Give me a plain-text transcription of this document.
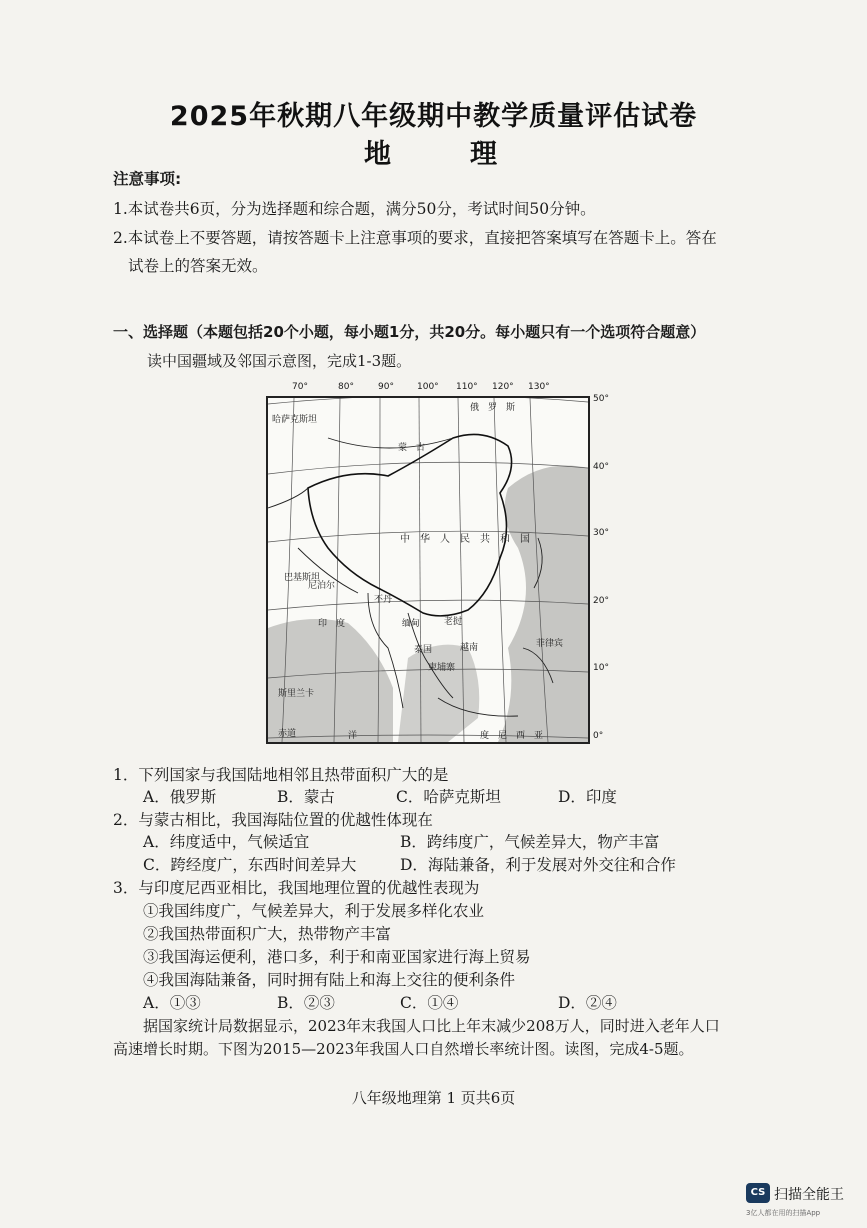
2025年秋期八年级期中教学质量评估试卷
地　理
注意事项:
1.本试卷共6页，分为选择题和综合题，满分50分，考试时间50分钟。
2.本试卷上不要答题，请按答题卡上注意事项的要求，直接把答案填写在答题卡上。答在
试卷上的答案无效。
一、选择题（本题包括20个小题，每小题1分，共20分。每小题只有一个选项符合题意）
读中国疆域及邻国示意图，完成1-3题。
70°	80°	90°	100° 110° 120° 130°
50°
40°
30°
20°
10°
0°
俄　罗　斯
哈萨克斯坦
蒙　古
中　华　人　民　共　和　国
尼泊尔
印　度
不丹
缅甸	老挝
泰国	越南
柬埔寨
菲律宾
斯里兰卡
赤道	度　尼　西　亚
洋
巴基斯坦
1．下列国家与我国陆地相邻且热带面积广大的是
A．俄罗斯	B．蒙古	C．哈萨克斯坦	D．印度
2．与蒙古相比，我国海陆位置的优越性体现在
A．纬度适中，气候适宜	B．跨纬度广，气候差异大，物产丰富
C．跨经度广，东西时间差异大	D．海陆兼备，利于发展对外交往和合作
3．与印度尼西亚相比，我国地理位置的优越性表现为
①我国纬度广，气候差异大，利于发展多样化农业
②我国热带面积广大，热带物产丰富
③我国海运便利，港口多，利于和南亚国家进行海上贸易
④我国海陆兼备，同时拥有陆上和海上交往的便利条件
A．①③	B．②③	C．①④	D．②④
据国家统计局数据显示，2023年末我国人口比上年末减少208万人，同时进入老年人口
高速增长时期。下图为2015—2023年我国人口自然增长率统计图。读图，完成4-5题。
八年级地理第 1 页共6页
CS 扫描全能王
3亿人都在用的扫描App
